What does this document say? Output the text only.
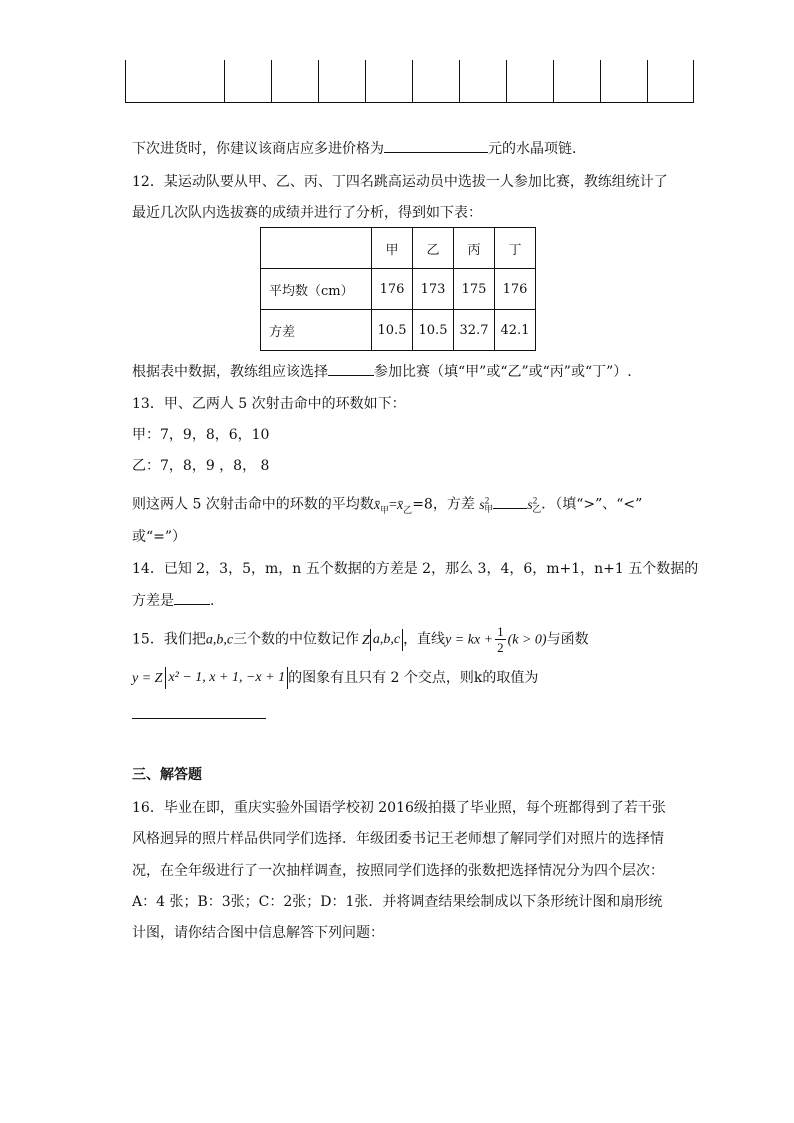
下次进货时，你建议该商店应多进价格为	元的水晶项链．
12．某运动队要从甲、乙、丙、丁四名跳高运动员中选拔一人参加比赛，教练组统计了
最近几次队内选拔赛的成绩并进行了分析，得到如下表：
	甲	乙	丙	丁
平均数（cm）	176	173	175	176
方差	10.5	10.5	32.7	42.1
根据表中数据，教练组应该选择	参加比赛（填“甲”或“乙”或“丙”或“丁”）.
13．甲、乙两人 5 次射击命中的环数如下：
甲：7，9，8，6，10
乙：7，8，9 ，8， 8
则这两人 5 次射击命中的环数的平均数$x̄_甲=x̄_乙=8$，方差 $s^2_甲$ $s^2_乙$．（填“>”、“<”
或“=”）
14．已知 2，3，5，m，n 五个数据的方差是 2，那么 3，4，6，m+1，n+1 五个数据的
方差是	.
15．我们把a,b,c三个数的中位数记作 Z a,b,c ，直线y = kx + $\frac{1}{2} (k > 0)$与函数
y = Z x² − 1, x + 1, −x + 1 的图象有且只有 2 个交点，则k的取值为
三、解答题
16．毕业在即，重庆实验外国语学校初 2016级拍摄了毕业照，每个班都得到了若干张
风格迥异的照片样品供同学们选择．年级团委书记王老师想了解同学们对照片的选择情
况，在全年级进行了一次抽样调查，按照同学们选择的张数把选择情况分为四个层次：
A：4 张；B：3张；C：2张；D：1张．并将调查结果绘制成以下条形统计图和扇形统
计图，请你结合图中信息解答下列问题：
